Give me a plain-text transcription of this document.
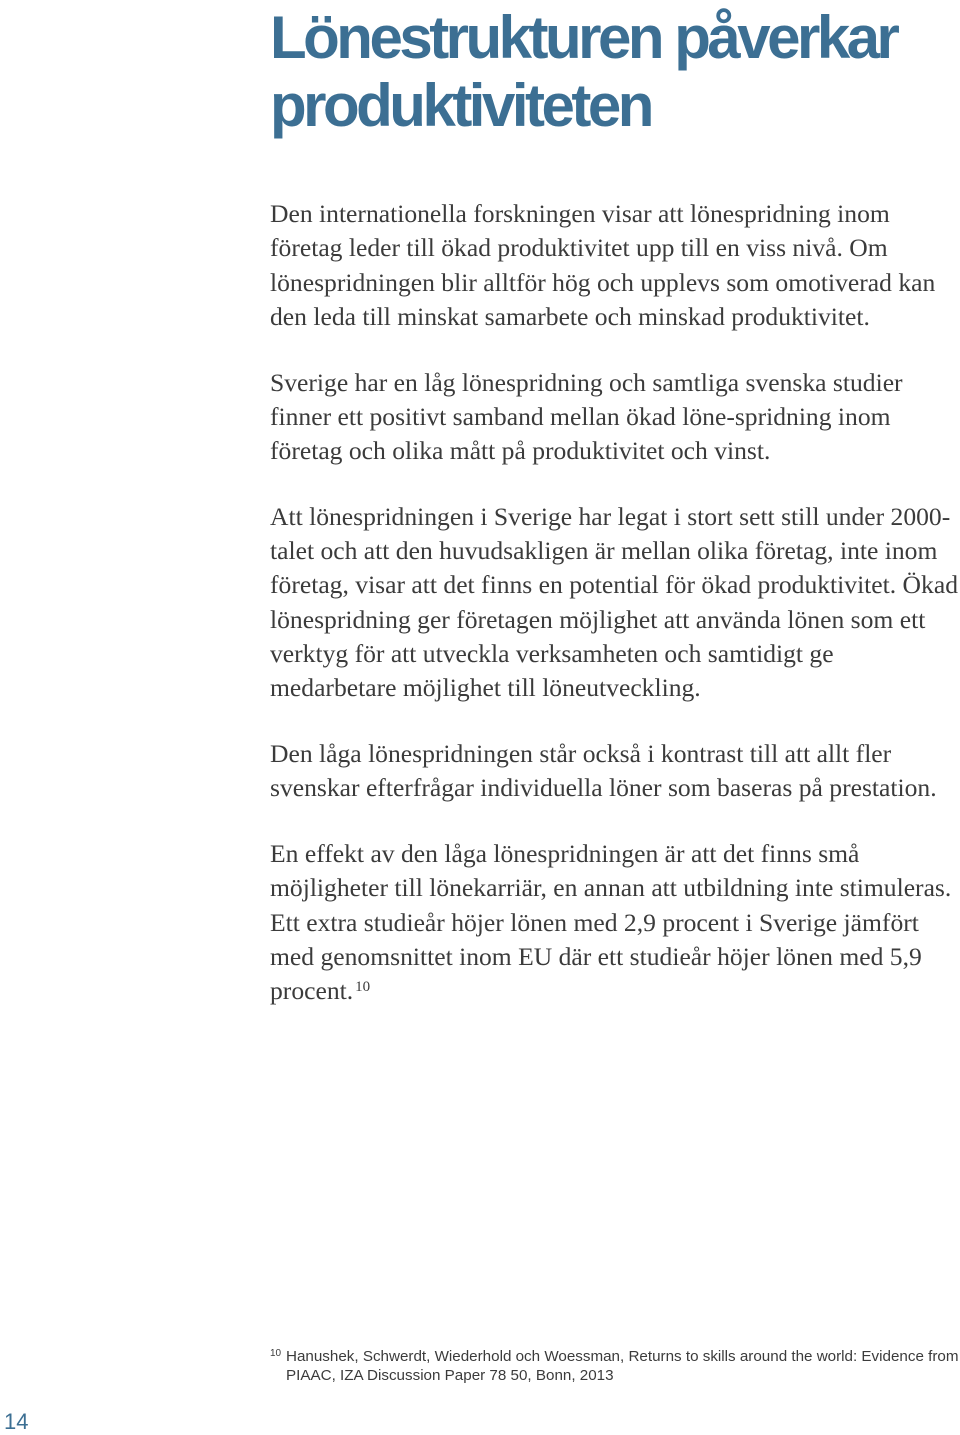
Lönestrukturen påverkar
produktiviteten

Den internationella forskningen visar att lönespridning inom företag leder till ökad produktivitet upp till en viss nivå. Om lönespridningen blir alltför hög och upplevs som omotiverad kan den leda till minskat samarbete och minskad produktivitet.

Sverige har en låg lönespridning och samtliga svenska studier finner ett positivt samband mellan ökad löne-spridning inom företag och olika mått på produktivitet och vinst.

Att lönespridningen i Sverige har legat i stort sett still under 2000-talet och att den huvudsakligen är mellan olika företag, inte inom företag, visar att det finns en potential för ökad produktivitet. Ökad lönespridning ger företagen möjlighet att använda lönen som ett verktyg för att utveckla verksamheten och samtidigt ge medarbetare möjlighet till löneutveckling.

Den låga lönespridningen står också i kontrast till att allt fler svenskar efterfrågar individuella löner som baseras på prestation.

En effekt av den låga lönespridningen är att det finns små möjligheter till lönekarriär, en annan att utbildning inte stimuleras. Ett extra studieår höjer lönen med 2,9 procent i Sverige jämfört med genomsnittet inom EU där ett studieår höjer lönen med 5,9 procent. $^{10}$

10 Hanushek, Schwerdt, Wiederhold och Woessman, Returns to skills around the world: Evidence from PIAAC, IZA Discussion Paper 78 50, Bonn, 2013
14
